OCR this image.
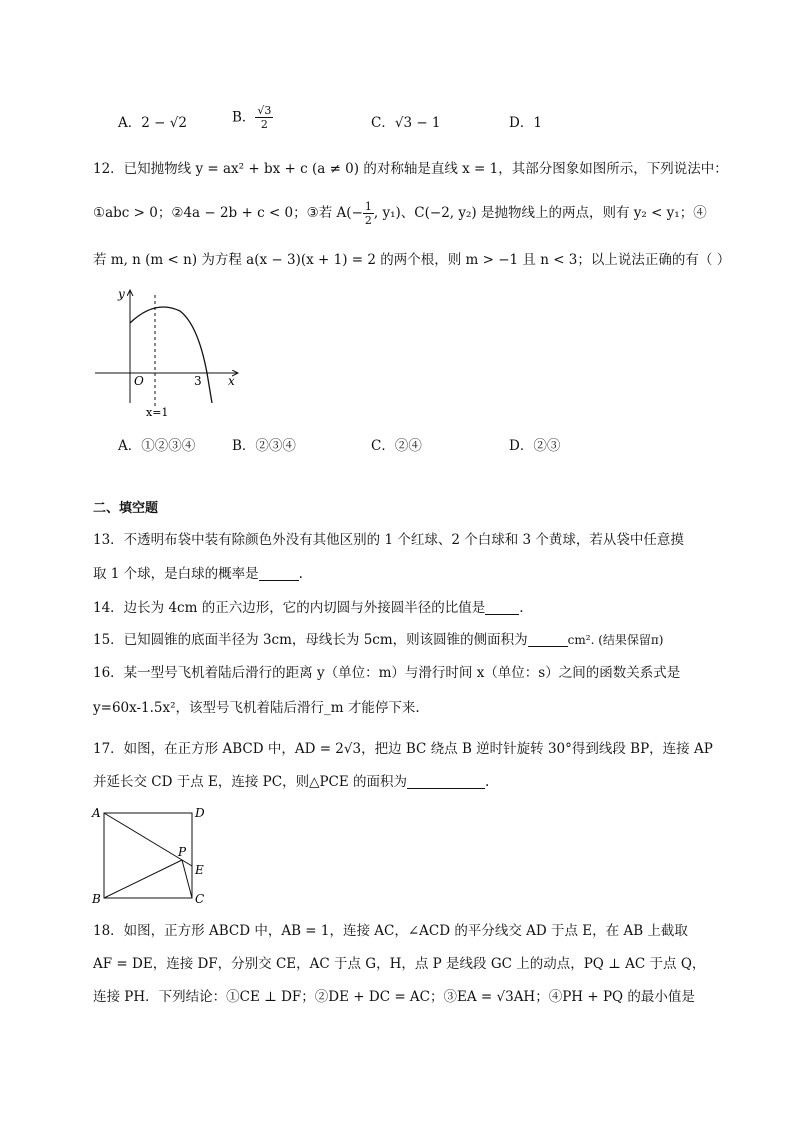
A．2 − √2	B． $\frac{√3}{2}$	C．√3 − 1	D．1
12．已知抛物线 y = ax² + bx + c (a ≠ 0) 的对称轴是直线 x = 1，其部分图象如图所示，下列说法中：
①abc > 0；②4a − 2b + c < 0；③若 $A(- \frac{1}{2}$ , y₁)、C(−2, y₂) 是抛物线上的两点，则有 y₂ < y₁；④
若 m, n (m < n) 为方程 a(x − 3)(x + 1) = 2 的两个根，则 m > −1 且 n < 3；以上说法正确的有（ ）
y
x
O	3
x=1
A．①②③④	B．②③④	C．②④	D．②③
二、填空题
13．不透明布袋中装有除颜色外没有其他区别的 1 个红球、2 个白球和 3 个黄球，若从袋中任意摸
取 1 个球，是白球的概率是	.
14．边长为 4cm 的正六边形，它的内切圆与外接圆半径的比值是	.
15．已知圆锥的底面半径为 3cm，母线长为 5cm，则该圆锥的侧面积为	cm². (结果保留π)
16．某一型号飞机着陆后滑行的距离 y（单位：m）与滑行时间 x（单位：s）之间的函数关系式是
y=60x-1.5x²，该型号飞机着陆后滑行_m 才能停下来.
17．如图，在正方形 ABCD 中，AD = 2√3，把边 BC 绕点 B 逆时针旋转 30°得到线段 BP，连接 AP
并延长交 CD 于点 E，连接 PC，则△PCE 的面积为	.
A	D
B	C
P
E
18．如图，正方形 ABCD 中，AB = 1，连接 AC，∠ACD 的平分线交 AD 于点 E，在 AB 上截取
AF = DE，连接 DF，分别交 CE，AC 于点 G，H，点 P 是线段 GC 上的动点，PQ ⊥ AC 于点 Q，
连接 PH．下列结论：①CE ⊥ DF；②DE + DC = AC；③EA = √3AH；④PH + PQ 的最小值是
